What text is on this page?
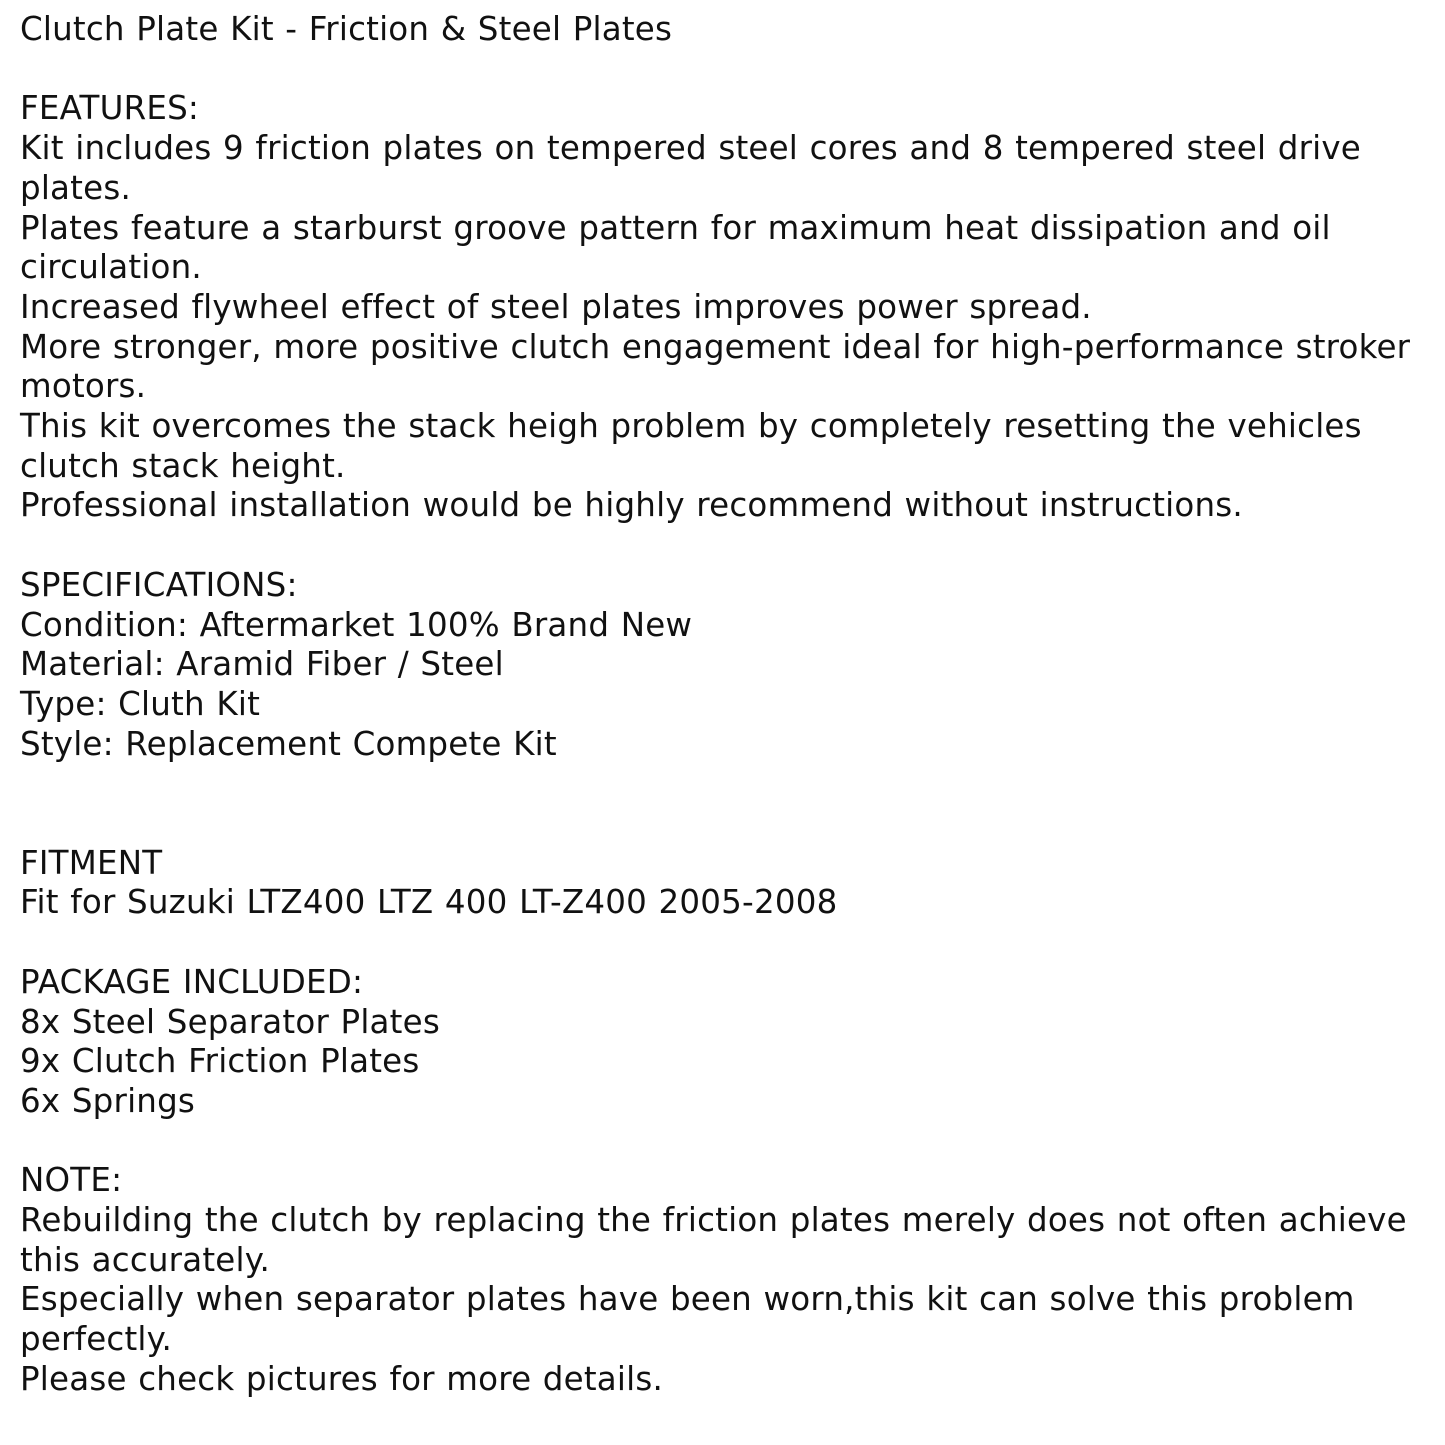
Clutch Plate Kit - Friction & Steel Plates
FEATURES:
Kit includes 9 friction plates on tempered steel cores and 8 tempered steel drive plates.
Plates feature a starburst groove pattern for maximum heat dissipation and oil circulation.
Increased flywheel effect of steel plates improves power spread.
More stronger, more positive clutch engagement ideal for high-performance stroker motors.
This kit overcomes the stack heigh problem by completely resetting the vehicles clutch stack height.
Professional installation would be highly recommend without instructions.
SPECIFICATIONS:
Condition: Aftermarket 100% Brand New
Material: Aramid Fiber / Steel
Type: Cluth Kit
Style: Replacement Compete Kit
FITMENT
Fit for Suzuki LTZ400 LTZ 400 LT-Z400 2005-2008
PACKAGE INCLUDED:
8x Steel Separator Plates
9x Clutch Friction Plates
6x Springs
NOTE:
Rebuilding the clutch by replacing the friction plates merely does not often achieve this accurately.
Especially when separator plates have been worn,this kit can solve this problem perfectly.
Please check pictures for more details.
